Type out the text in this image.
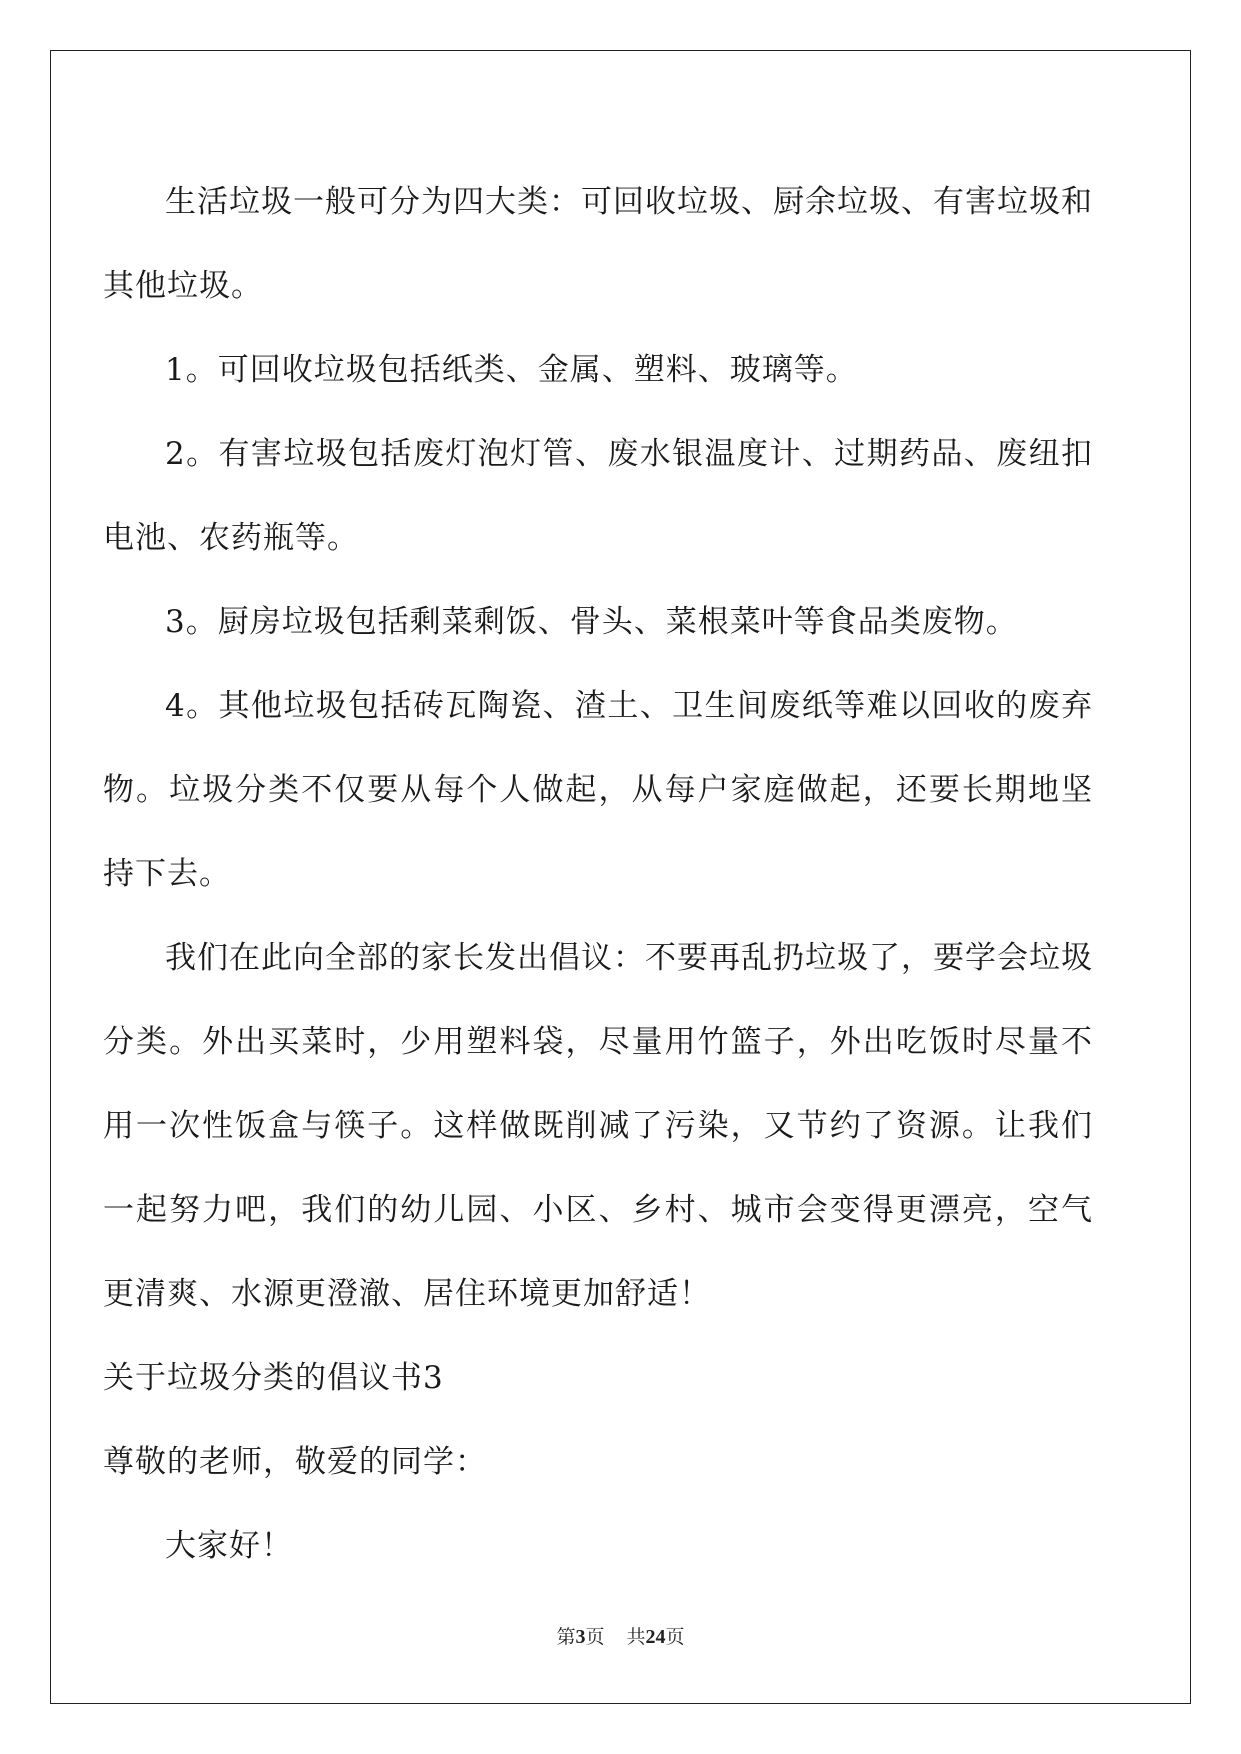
生活垃圾一般可分为四大类：可回收垃圾、厨余垃圾、有害垃圾和其他垃圾。

1。可回收垃圾包括纸类、金属、塑料、玻璃等。

2。有害垃圾包括废灯泡灯管、废水银温度计、过期药品、废纽扣电池、农药瓶等。

3。厨房垃圾包括剩菜剩饭、骨头、菜根菜叶等食品类废物。

4。其他垃圾包括砖瓦陶瓷、渣土、卫生间废纸等难以回收的废弃物。垃圾分类不仅要从每个人做起，从每户家庭做起，还要长期地坚持下去。

我们在此向全部的家长发出倡议：不要再乱扔垃圾了，要学会垃圾分类。外出买菜时，少用塑料袋，尽量用竹篮子，外出吃饭时尽量不用一次性饭盒与筷子。这样做既削减了污染，又节约了资源。让我们一起努力吧，我们的幼儿园、小区、乡村、城市会变得更漂亮，空气更清爽、水源更澄澈、居住环境更加舒适！

关于垃圾分类的倡议书3

尊敬的老师，敬爱的同学：

大家好！

第3页 共24页
